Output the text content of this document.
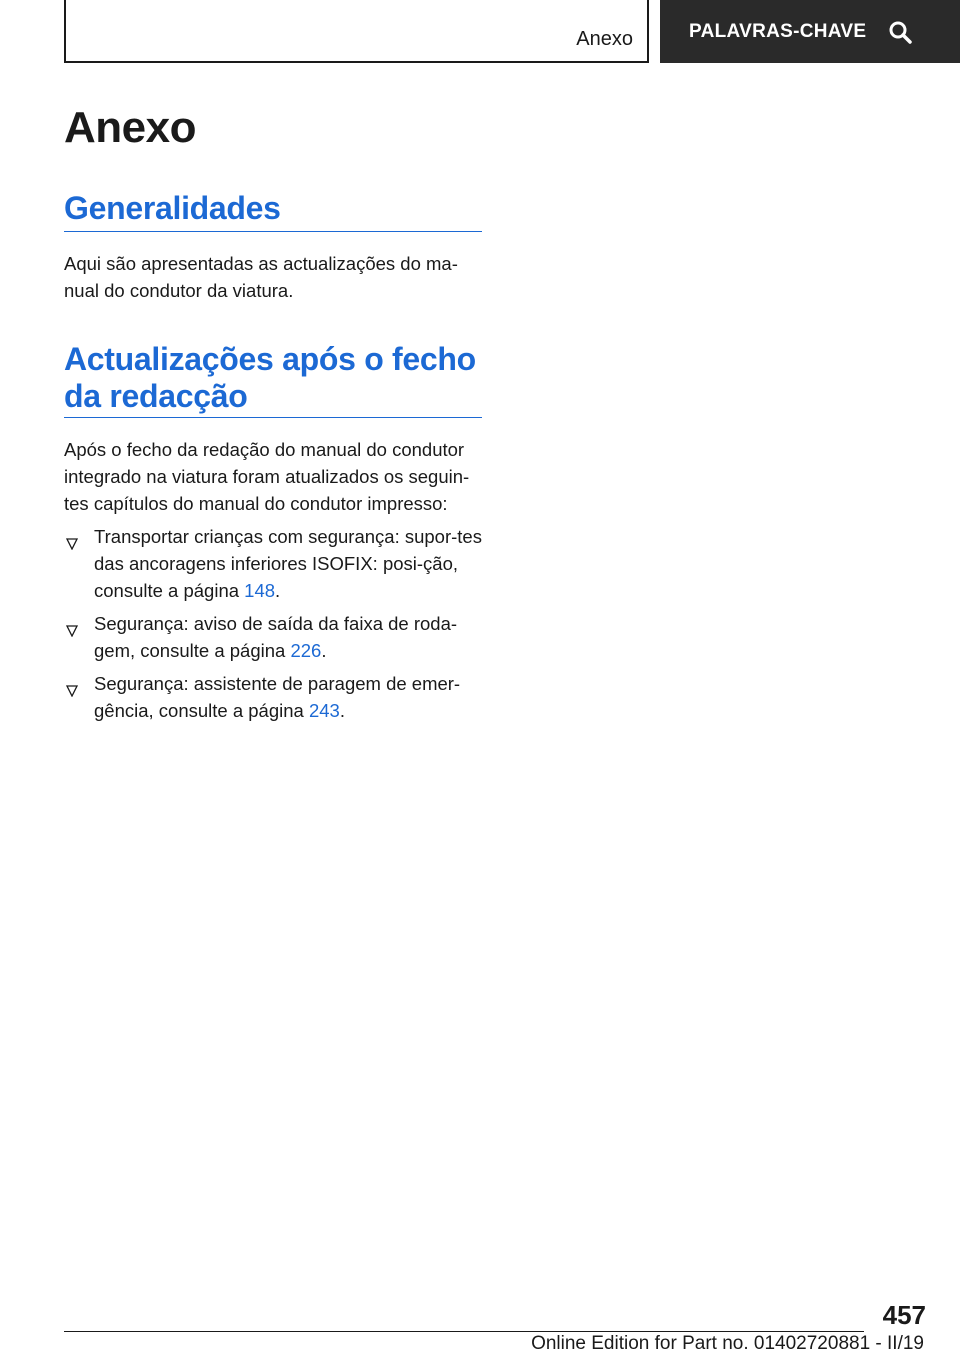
Anexo	PALAVRAS-CHAVE
Anexo
Generalidades

Aqui são apresentadas as actualizações do ma-nual do condutor da viatura.

Actualizações após o fecho da redacção

Após o fecho da redação do manual do condutor integrado na viatura foram atualizados os seguin-tes capítulos do manual do condutor impresso:

Transportar crianças com segurança: supor-tes das ancoragens inferiores ISOFIX: posi-ção, consulte a página 148.
Segurança: aviso de saída da faixa de roda-gem, consulte a página 226.
Segurança: assistente de paragem de emer-gência, consulte a página 243.
457
Online Edition for Part no. 01402720881 - II/19
